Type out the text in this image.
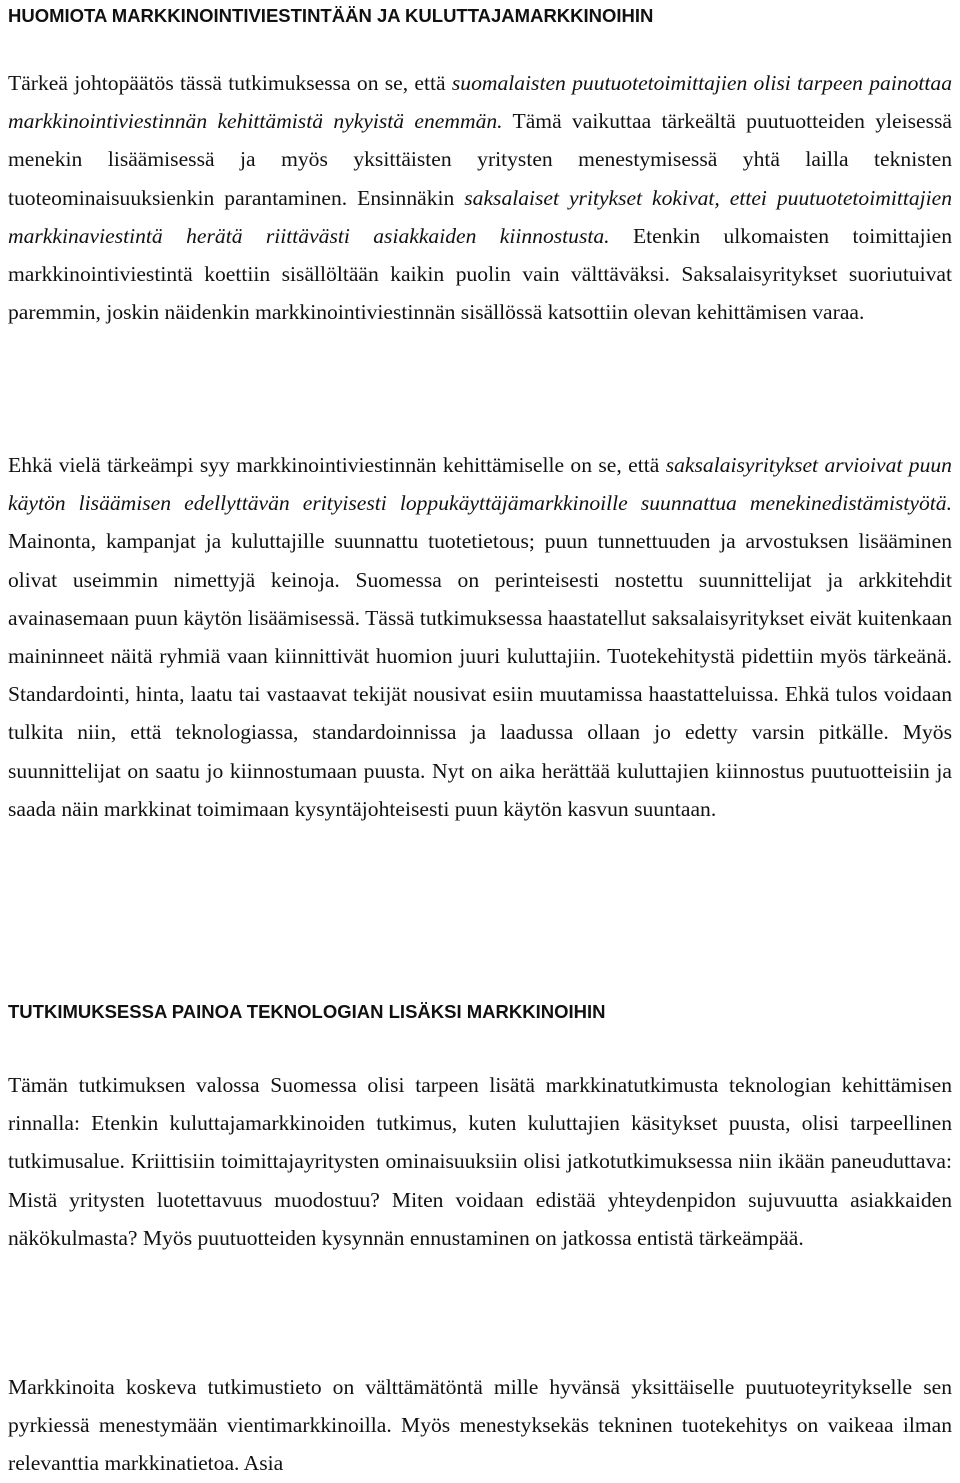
HUOMIOTA MARKKINOINTIVIESTINTÄÄN JA KULUTTAJAMARKKINOIHIN

Tärkeä johtopäätös tässä tutkimuksessa on se, että suomalaisten puutuotetoimittajien olisi tarpeen painottaa markkinointiviestinnän kehittämistä nykyistä enemmän. Tämä vaikuttaa tärkeältä puutuotteiden yleisessä menekin lisäämisessä ja myös yksittäisten yritysten menestymisessä yhtä lailla teknisten tuoteominaisuuksienkin parantaminen. Ensinnäkin saksalaiset yritykset kokivat, ettei puutuotetoimittajien markkinaviestintä herätä riittävästi asiakkaiden kiinnostusta. Etenkin ulkomaisten toimittajien markkinointiviestintä koettiin sisällöltään kaikin puolin vain välttäväksi. Saksalaisyritykset suoriutuivat paremmin, joskin näidenkin markkinointiviestinnän sisällössä katsottiin olevan kehittämisen varaa.

Ehkä vielä tärkeämpi syy markkinointiviestinnän kehittämiselle on se, että saksalaisyritykset arvioivat puun käytön lisäämisen edellyttävän erityisesti loppukäyttäjämarkkinoille suunnattua menekinedistämistyötä. Mainonta, kampanjat ja kuluttajille suunnattu tuotetietous; puun tunnettuuden ja arvostuksen lisääminen olivat useimmin nimettyjä keinoja. Suomessa on perinteisesti nostettu suunnittelijat ja arkkitehdit avainasemaan puun käytön lisäämisessä. Tässä tutkimuksessa haastatellut saksalaisyritykset eivät kuitenkaan maininneet näitä ryhmiä vaan kiinnittivät huomion juuri kuluttajiin. Tuotekehitystä pidettiin myös tärkeänä. Standardointi, hinta, laatu tai vastaavat tekijät nousivat esiin muutamissa haastatteluissa. Ehkä tulos voidaan tulkita niin, että teknologiassa, standardoinnissa ja laadussa ollaan jo edetty varsin pitkälle. Myös suunnittelijat on saatu jo kiinnostumaan puusta. Nyt on aika herättää kuluttajien kiinnostus puutuotteisiin ja saada näin markkinat toimimaan kysyntäjohteisesti puun käytön kasvun suuntaan.

TUTKIMUKSESSA PAINOA TEKNOLOGIAN LISÄKSI MARKKINOIHIN

Tämän tutkimuksen valossa Suomessa olisi tarpeen lisätä markkinatutkimusta teknologian kehittämisen rinnalla: Etenkin kuluttajamarkkinoiden tutkimus, kuten kuluttajien käsitykset puusta, olisi tarpeellinen tutkimusalue. Kriittisiin toimittajayritysten ominaisuuksiin olisi jatkotutkimuksessa niin ikään paneuduttava: Mistä yritysten luotettavuus muodostuu? Miten voidaan edistää yhteydenpidon sujuvuutta asiakkaiden näkökulmasta? Myös puutuotteiden kysynnän ennustaminen on jatkossa entistä tärkeämpää.

Markkinoita koskeva tutkimustieto on välttämätöntä mille hyvänsä yksittäiselle puutuoteyritykselle sen pyrkiessä menestymään vientimarkkinoilla. Myös menestyksekäs tekninen tuotekehitys on vaikeaa ilman relevanttia markkinatietoa. Asia
